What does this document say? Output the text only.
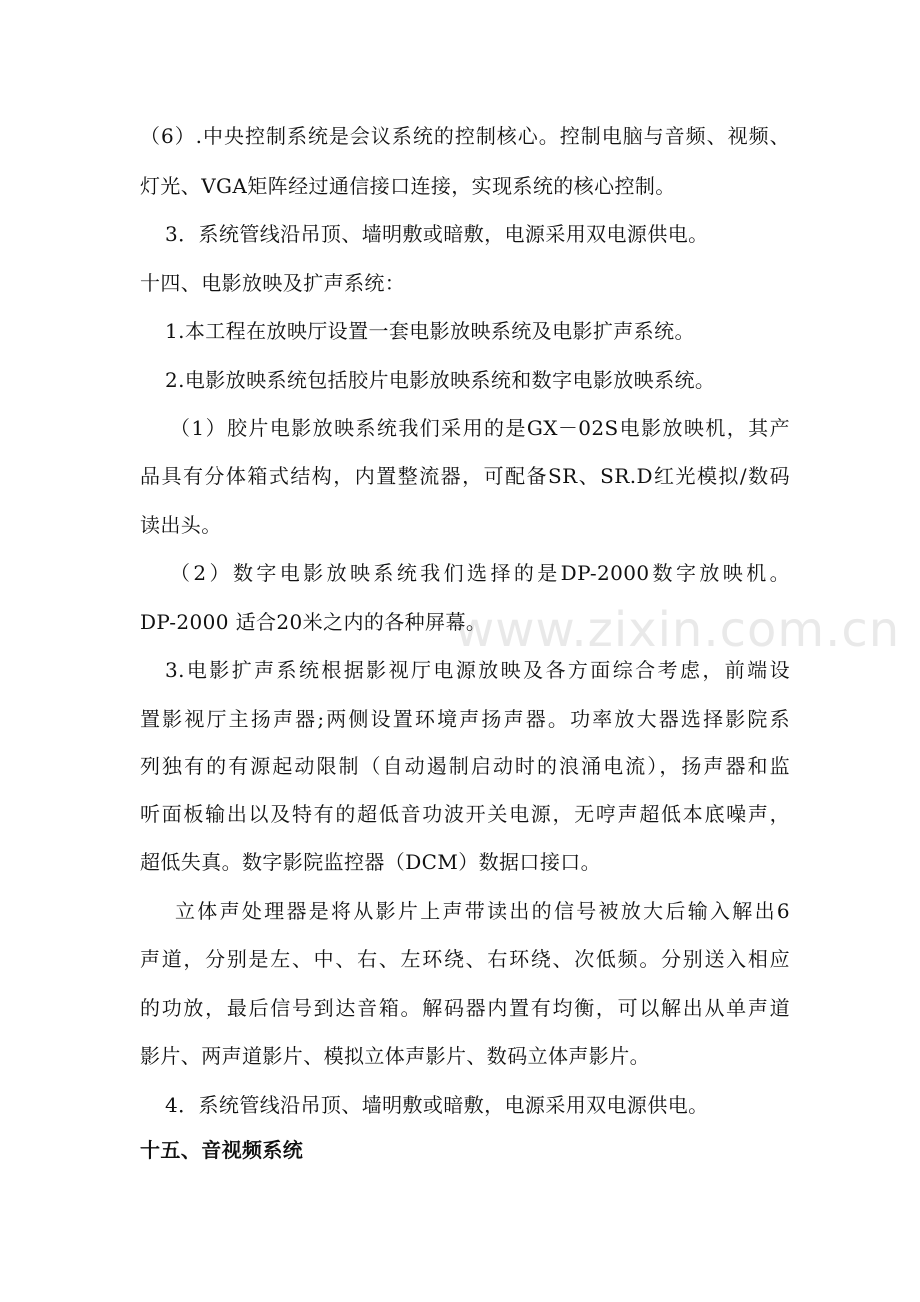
www.zixin.com.cn
（6）.中央控制系统是会议系统的控制核心。控制电脑与音频、视频、
灯光、VGA矩阵经过通信接口连接，实现系统的核心控制。
3．系统管线沿吊顶、墙明敷或暗敷，电源采用双电源供电。
十四、电影放映及扩声系统：
1.本工程在放映厅设置一套电影放映系统及电影扩声系统。
2.电影放映系统包括胶片电影放映系统和数字电影放映系统。
（1）胶片电影放映系统我们采用的是GX－02S电影放映机，其产
品具有分体箱式结构，内置整流器，可配备SR、SR.D红光模拟/数码
读出头。
（2）数字电影放映系统我们选择的是DP-2000数字放映机。
DP-2000 适合20米之内的各种屏幕。
3.电影扩声系统根据影视厅电源放映及各方面综合考虑，前端设
置影视厅主扬声器;两侧设置环境声扬声器。功率放大器选择影院系
列独有的有源起动限制（自动遏制启动时的浪涌电流），扬声器和监
听面板输出以及特有的超低音功波开关电源，无哼声超低本底噪声，
超低失真。数字影院监控器（DCM）数据口接口。
立体声处理器是将从影片上声带读出的信号被放大后输入解出6
声道，分别是左、中、右、左环绕、右环绕、次低频。分别送入相应
的功放，最后信号到达音箱。解码器内置有均衡，可以解出从单声道
影片、两声道影片、模拟立体声影片、数码立体声影片。
4．系统管线沿吊顶、墙明敷或暗敷，电源采用双电源供电。
十五、音视频系统
